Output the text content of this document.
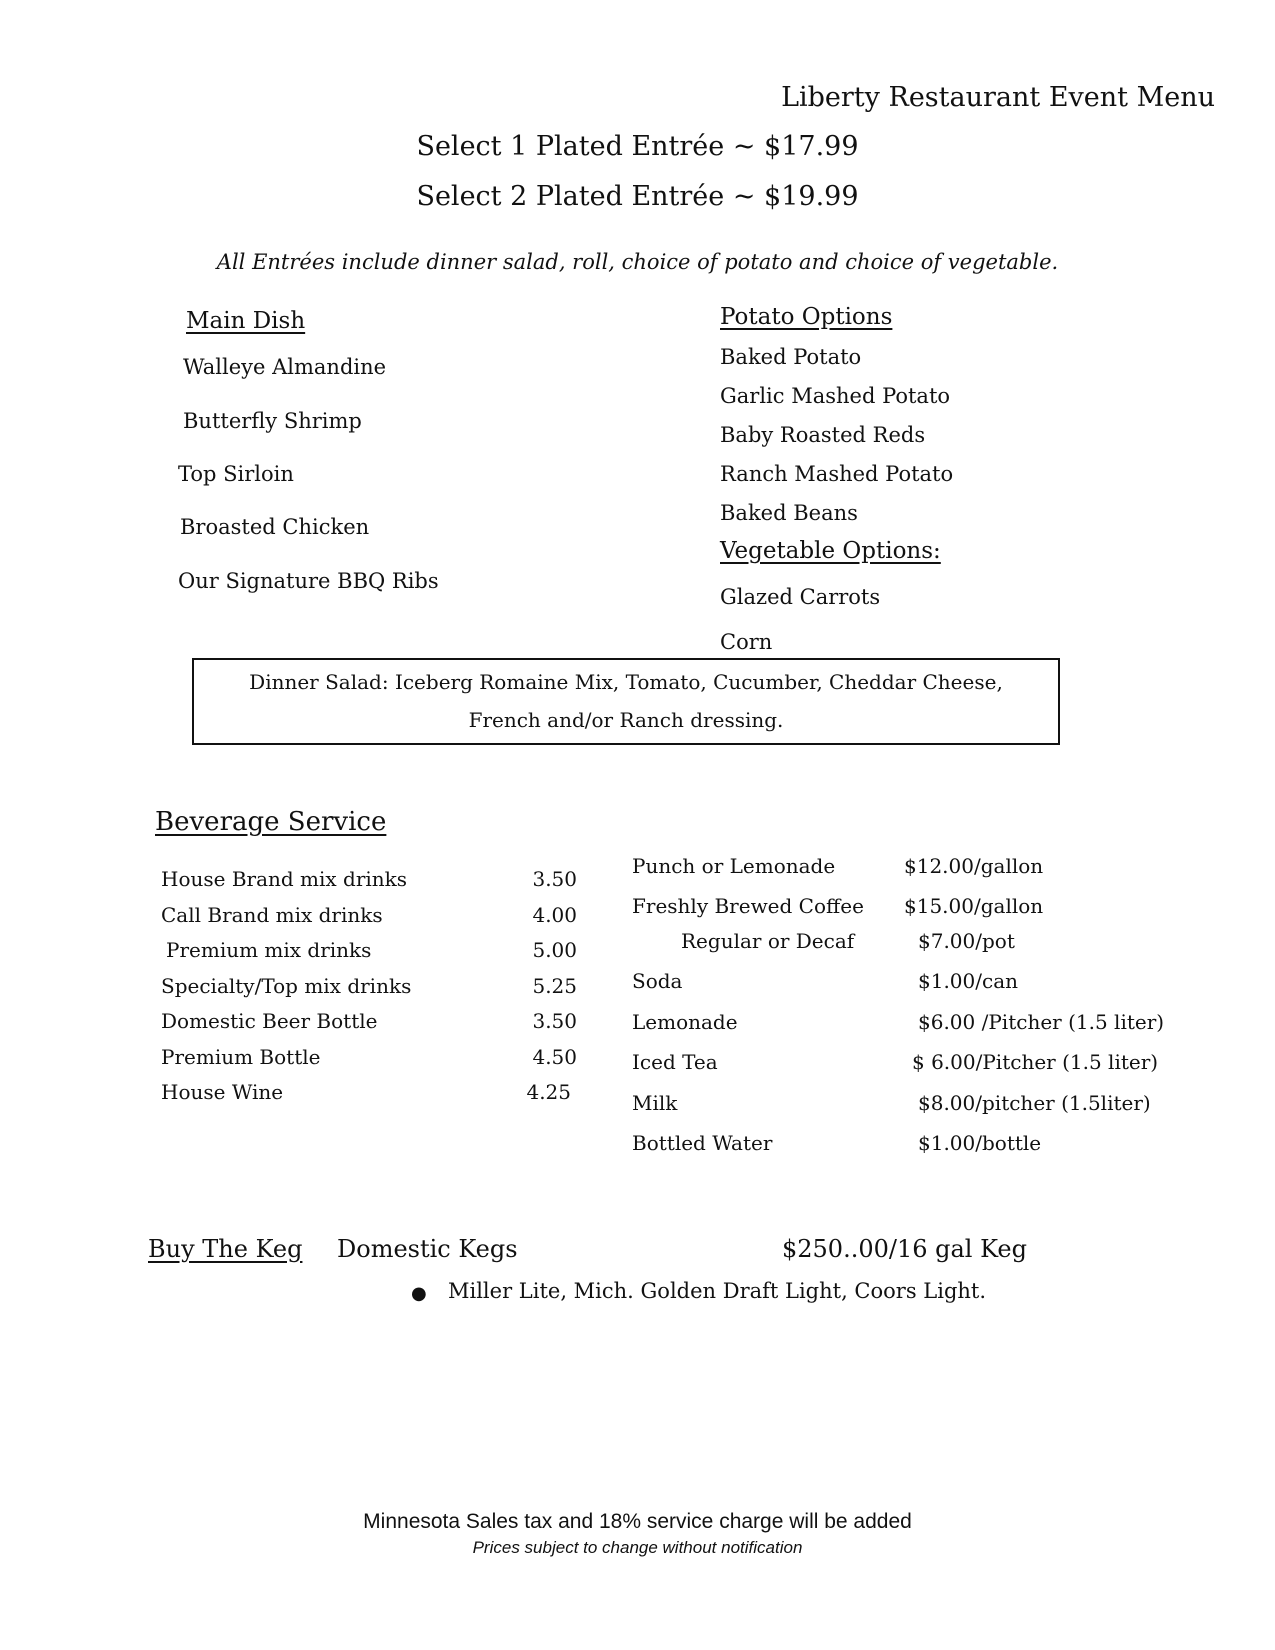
Liberty Restaurant Event Menu
Select 1 Plated Entrée ~ $17.99
Select 2 Plated Entrée ~ $19.99
All Entrées include dinner salad, roll, choice of potato and choice of vegetable.
Main Dish
Walleye Almandine
Butterfly Shrimp
Top Sirloin
Broasted Chicken
Our Signature BBQ Ribs
Potato Options
Baked Potato
Garlic Mashed Potato
Baby Roasted Reds
Ranch Mashed Potato
Baked Beans
Vegetable Options:
Glazed Carrots
Corn
Dinner Salad: Iceberg Romaine Mix, Tomato, Cucumber, Cheddar Cheese,
French and/or Ranch dressing.
Beverage Service
House Brand mix drinks	3.50
Call Brand mix drinks	4.00
Premium mix drinks	5.00
Specialty/Top mix drinks	5.25
Domestic Beer Bottle	3.50
Premium Bottle	4.50
House Wine	4.25
Punch or Lemonade	$12.00/gallon
Freshly Brewed Coffee $15.00/gallon
Regular or Decaf	$7.00/pot
Soda	$1.00/can
Lemonade	$6.00 /Pitcher (1.5 liter)
Iced Tea	$ 6.00/Pitcher (1.5 liter)
Milk	$8.00/pitcher (1.5liter)
Bottled Water	$1.00/bottle
Buy The Keg Domestic Kegs	$250..00/16 gal Keg
● Miller Lite, Mich. Golden Draft Light, Coors Light.
Minnesota Sales tax and 18% service charge will be added
Prices subject to change without notification
